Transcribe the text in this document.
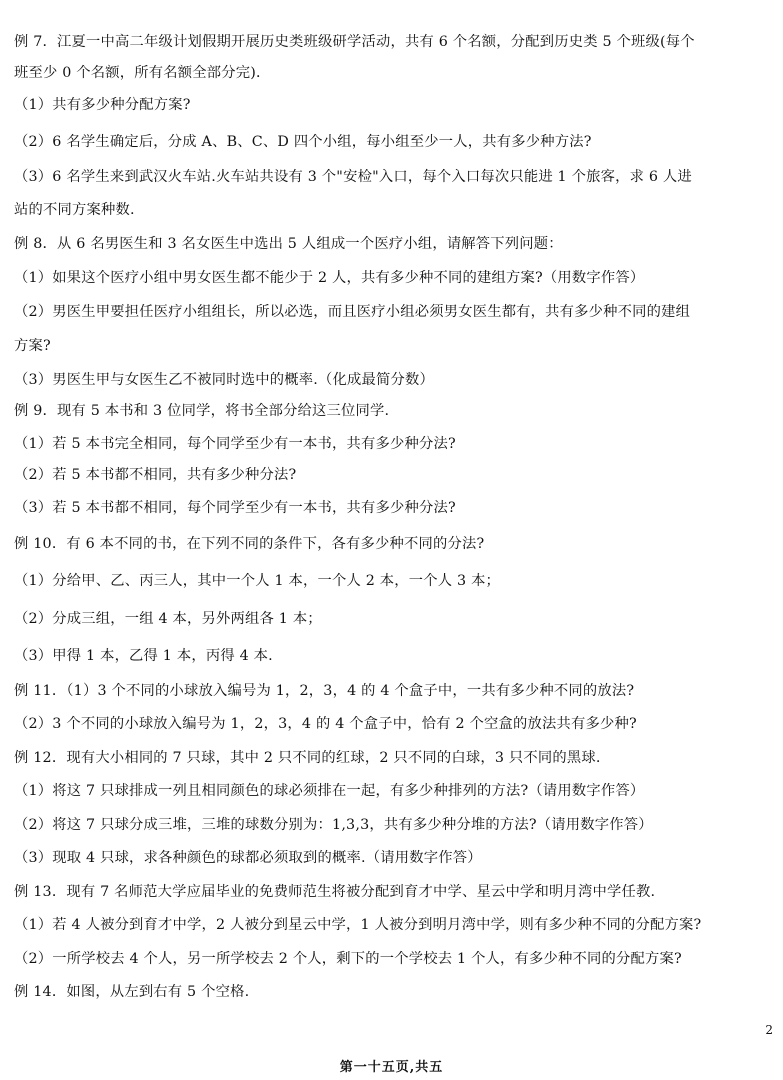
例 7．江夏一中高二年级计划假期开展历史类班级研学活动，共有 6 个名额，分配到历史类 5 个班级(每个
班至少 0 个名额，所有名额全部分完)．
（1）共有多少种分配方案?
（2）6 名学生确定后，分成 A、B、C、D 四个小组，每小组至少一人，共有多少种方法?
（3）6 名学生来到武汉火车站.火车站共设有 3 个"安检"入口，每个入口每次只能进 1 个旅客，求 6 人进
站的不同方案种数.
例 8．从 6 名男医生和 3 名女医生中选出 5 人组成一个医疗小组，请解答下列问题：
（1）如果这个医疗小组中男女医生都不能少于 2 人，共有多少种不同的建组方案?（用数字作答）
（2）男医生甲要担任医疗小组组长，所以必选，而且医疗小组必须男女医生都有，共有多少种不同的建组
方案?
（3）男医生甲与女医生乙不被同时选中的概率.（化成最简分数）
例 9．现有 5 本书和 3 位同学，将书全部分给这三位同学.
（1）若 5 本书完全相同，每个同学至少有一本书，共有多少种分法?
（2）若 5 本书都不相同，共有多少种分法?
（3）若 5 本书都不相同，每个同学至少有一本书，共有多少种分法?
例 10．有 6 本不同的书，在下列不同的条件下，各有多少种不同的分法?
（1）分给甲、乙、丙三人，其中一个人 1 本，一个人 2 本，一个人 3 本；
（2）分成三组，一组 4 本，另外两组各 1 本；
（3）甲得 1 本，乙得 1 本，丙得 4 本.
例 11．（1）3 个不同的小球放入编号为 1，2，3，4 的 4 个盒子中，一共有多少种不同的放法?
（2）3 个不同的小球放入编号为 1，2，3，4 的 4 个盒子中，恰有 2 个空盒的放法共有多少种?
例 12．现有大小相同的 7 只球，其中 2 只不同的红球，2 只不同的白球，3 只不同的黑球.
（1）将这 7 只球排成一列且相同颜色的球必须排在一起，有多少种排列的方法?（请用数字作答）
（2）将这 7 只球分成三堆，三堆的球数分别为：1,3,3，共有多少种分堆的方法?（请用数字作答）
（3）现取 4 只球，求各种颜色的球都必须取到的概率.（请用数字作答）
例 13．现有 7 名师范大学应届毕业的免费师范生将被分配到育才中学、星云中学和明月湾中学任教.
（1）若 4 人被分到育才中学，2 人被分到星云中学，1 人被分到明月湾中学，则有多少种不同的分配方案?
（2）一所学校去 4 个人，另一所学校去 2 个人，剩下的一个学校去 1 个人，有多少种不同的分配方案?
例 14．如图，从左到右有 5 个空格.
2
第一十五页,共五
